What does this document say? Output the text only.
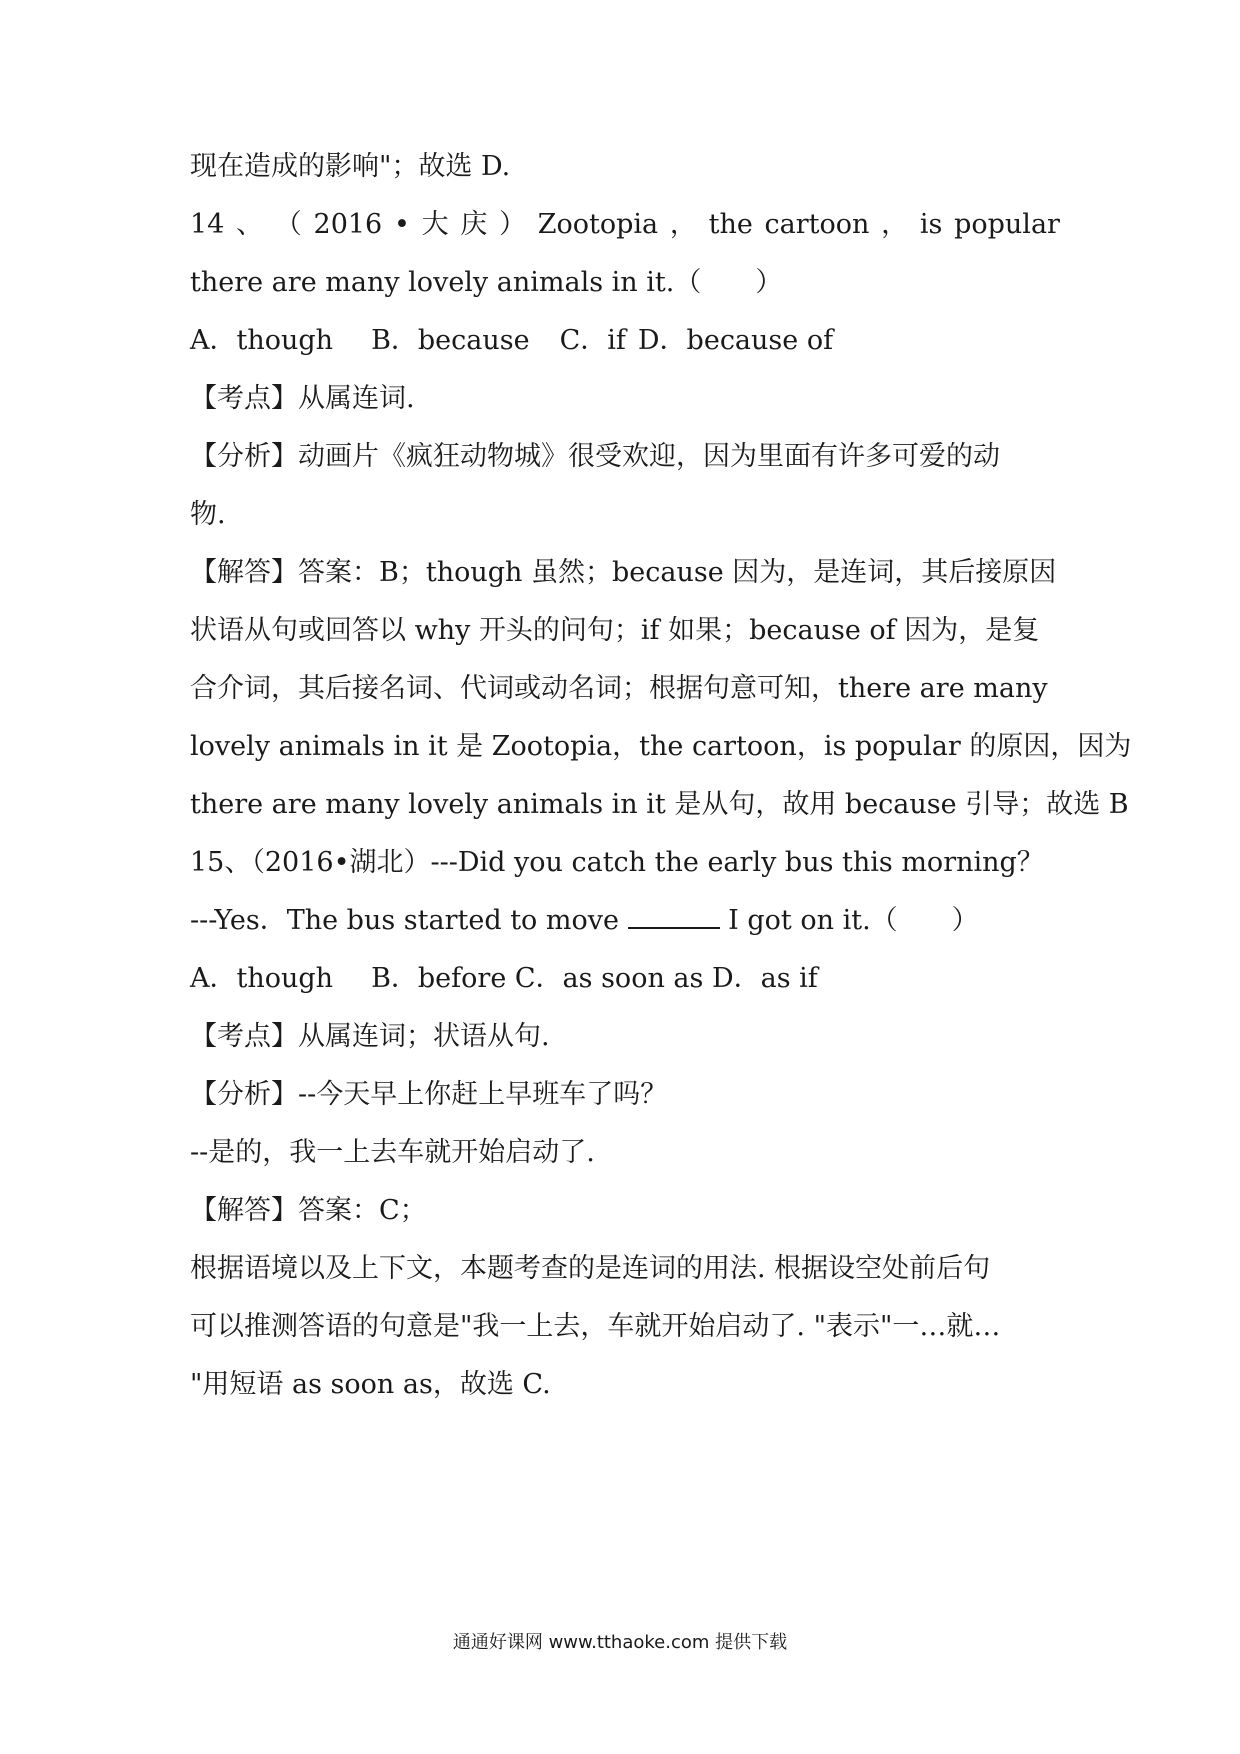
现在造成的影响"；故选 D.
14 、 （ 2016 • 大 庆 ） Zootopia ， the cartoon ， is popular
there are many lovely animals in it.（　　）
A．though B．because C．if D．because of
【考点】从属连词.
【分析】动画片《疯狂动物城》很受欢迎，因为里面有许多可爱的动
物.
【解答】答案：B；though 虽然；because 因为，是连词，其后接原因
状语从句或回答以 why 开头的问句；if 如果；because of 因为，是复
合介词，其后接名词、代词或动名词；根据句意可知，there are many
lovely animals in it 是 Zootopia，the cartoon，is popular 的原因，因为
there are many lovely animals in it 是从句，故用 because 引导；故选 B
15、（2016•湖北）---Did you catch the early bus this morning？
---Yes．The bus started to move	I got on it.（　　）
A．though B．before C．as soon as D．as if
【考点】从属连词；状语从句.
【分析】--今天早上你赶上早班车了吗？
--是的，我一上去车就开始启动了.
【解答】答案：C；
根据语境以及上下文，本题考查的是连词的用法. 根据设空处前后句
可以推测答语的句意是"我一上去，车就开始启动了. "表示"一…就…
"用短语 as soon as，故选 C.
通通好课网 www.tthaoke.com 提供下载
